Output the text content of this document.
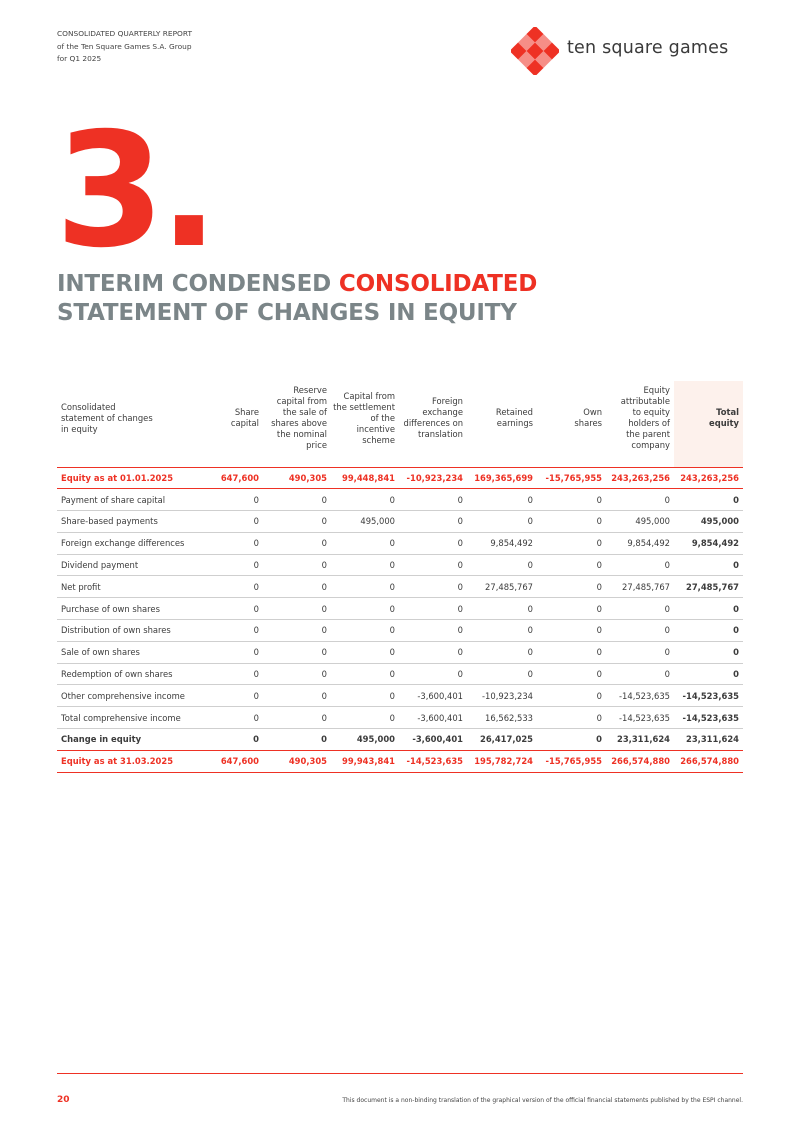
CONSOLIDATED QUARTERLY REPORT
of the Ten Square Games S.A. Group
for Q1 2025
ten square games
3.
INTERIM CONDENSED CONSOLIDATED
STATEMENT OF CHANGES IN EQUITY
Consolidated statement of changes in equity	Share capital	Reserve capital from the sale of shares above the nominal price	Capital from the settlement of the incentive scheme	Foreign exchange differences on translation	Retained earnings	Own shares	Equity attributable to equity holders of the parent company	Total equity

Equity as at 01.01.2025	647,600	490,305	99,448,841	-10,923,234	169,365,699	-15,765,955	243,263,256	243,263,256
Payment of share capital	0	0	0	0	0	0	0	0
Share-based payments	0	0	495,000	0	0	0	495,000	495,000
Foreign exchange differences	0	0	0	0	9,854,492	0	9,854,492	9,854,492
Dividend payment	0	0	0	0	0	0	0	0
Net profit	0	0	0	0	27,485,767	0	27,485,767	27,485,767
Purchase of own shares	0	0	0	0	0	0	0	0
Distribution of own shares	0	0	0	0	0	0	0	0
Sale of own shares	0	0	0	0	0	0	0	0
Redemption of own shares	0	0	0	0	0	0	0	0
Other comprehensive income	0	0	0	-3,600,401	-10,923,234	0	-14,523,635	-14,523,635
Total comprehensive income	0	0	0	-3,600,401	16,562,533	0	-14,523,635	-14,523,635
Change in equity	0	0	495,000	-3,600,401	26,417,025	0	23,311,624	23,311,624
Equity as at 31.03.2025	647,600	490,305	99,943,841	-14,523,635	195,782,724	-15,765,955	266,574,880	266,574,880
20	This document is a non-binding translation of the graphical version of the official financial statements published by the ESPI channel.
